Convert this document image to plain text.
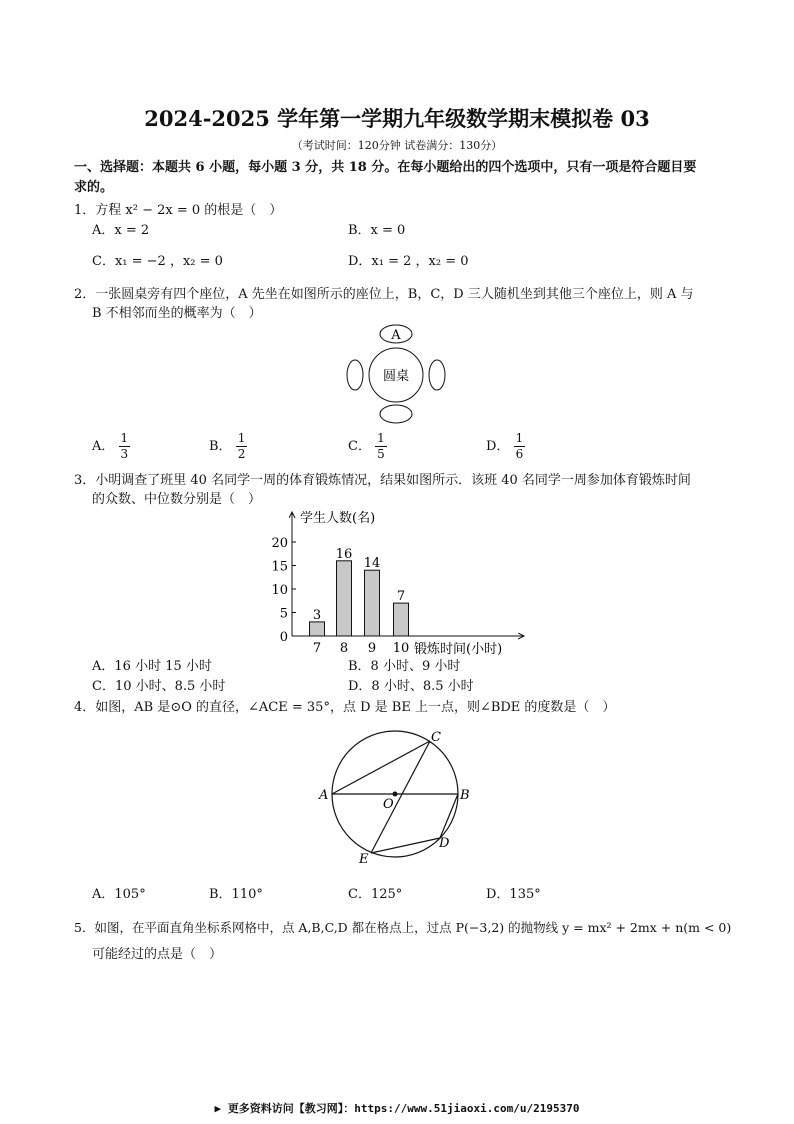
2024-2025 学年第一学期九年级数学期末模拟卷 03
（考试时间：120分钟 试卷满分：130分）
一、选择题：本题共 6 小题，每小题 3 分，共 18 分。在每小题给出的四个选项中，只有一项是符合题目要
求的。
1．方程 x² − 2x = 0 的根是（　）
A．x = 2	B．x = 0
C．x₁ = −2 ，x₂ = 0	D．x₁ = 2 ，x₂ = 0
2．一张圆桌旁有四个座位，A 先坐在如图所示的座位上，B，C，D 三人随机坐到其他三个座位上，则 A 与
B 不相邻而坐的概率为（　）
A
圆桌
A． $\frac{1}{3}$	B． $\frac{1}{2}$	C． $\frac{1}{5}$	D． $\frac{1}{6}$
3．小明调查了班里 40 名同学一周的体育锻炼情况，结果如图所示．该班 40 名同学一周参加体育锻炼时间
的众数、中位数分别是（　）
学生人数(名)
锻炼时间(小时)
0
5
10
15
20
3
7
16
8
14
9
7
10
A．16 小时 15 小时	B．8 小时、9 小时
C．10 小时、8.5 小时	D．8 小时、8.5 小时
4．如图，AB 是⊙O 的直径，∠ACE = 35°，点 D 是 BE 上一点，则∠BDE 的度数是（　）
A	B
C
D
E
O
A．105°	B．110°	C．125°	D．135°
5．如图，在平面直角坐标系网格中，点 A,B,C,D 都在格点上，过点 P(−3,2) 的抛物线 y = mx² + 2mx + n(m < 0)
可能经过的点是（　）
▶ 更多资料访问【教习网】：https://www.51jiaoxi.com/u/2195370
